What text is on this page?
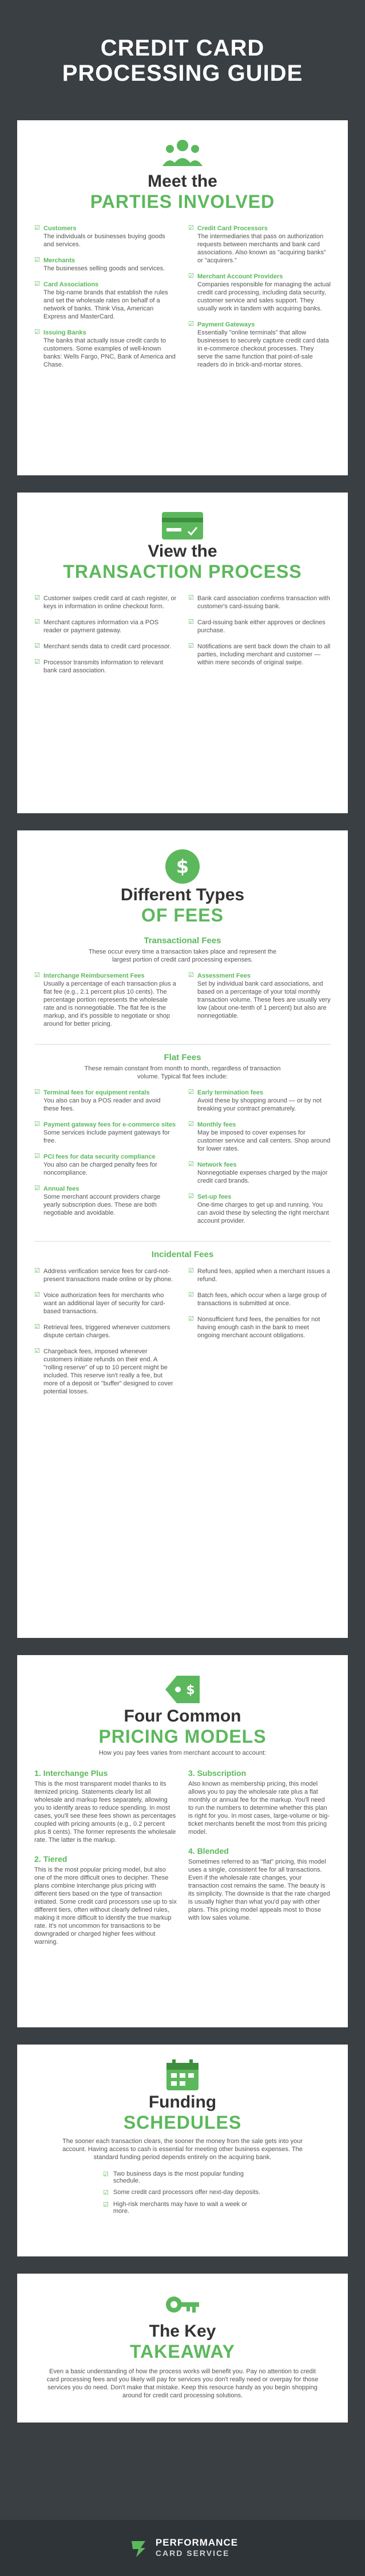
CREDIT CARD
PROCESSING GUIDE
Meet the
PARTIES INVOLVED
☑ Customers
The individuals or businesses buying goods and services.
☑ Merchants
The businesses selling goods and services.
☑ Card Associations
The big-name brands that establish the rules and set the wholesale rates on behalf of a network of banks. Think Visa, American Express and MasterCard.
☑ Issuing Banks
The banks that actually issue credit cards to customers. Some examples of well-known banks: Wells Fargo, PNC, Bank of America and Chase.
☑ Credit Card Processors
The intermediaries that pass on authorization requests between merchants and bank card associations. Also known as "acquiring banks" or "acquirers."
☑ Merchant Account Providers
Companies responsible for managing the actual credit card processing, including data security, customer service and sales support. They usually work in tandem with acquiring banks.
☑ Payment Gateways
Essentially "online terminals" that allow businesses to securely capture credit card data in e-commerce checkout processes. They serve the same function that point-of-sale readers do in brick-and-mortar stores.
View the
TRANSACTION PROCESS
☑ Customer swipes credit card at cash register, or keys in information in online checkout form.
☑ Merchant captures information via a POS reader or payment gateway.
☑ Merchant sends data to credit card processor.
☑ Processor transmits information to relevant bank card association.
☑ Bank card association confirms transaction with customer's card-issuing bank.
☑ Card-issuing bank either approves or declines purchase.
☑ Notifications are sent back down the chain to all parties, including merchant and customer — within mere seconds of original swipe.
$
Different Types
OF FEES
Transactional Fees
These occur every time a transaction takes place and represent the largest portion of credit card processing expenses.
☑ Interchange Reimbursement Fees
Usually a percentage of each transaction plus a flat fee (e.g., 2.1 percent plus 10 cents). The percentage portion represents the wholesale rate and is nonnegotiable. The flat fee is the markup, and it's possible to negotiate or shop around for better pricing.
☑ Assessment Fees
Set by individual bank card associations, and based on a percentage of your total monthly transaction volume. These fees are usually very low (about one-tenth of 1 percent) but also are nonnegotiable.
Flat Fees
These remain constant from month to month, regardless of transaction volume. Typical flat fees include:
☑ Terminal fees for equipment rentals
You also can buy a POS reader and avoid these fees.
☑ Payment gateway fees for e-commerce sites
Some services include payment gateways for free.
☑ PCI fees for data security compliance
You also can be charged penalty fees for noncompliance.
☑ Annual fees
Some merchant account providers charge yearly subscription dues. These are both negotiable and avoidable.
☑ Early termination fees
Avoid these by shopping around — or by not breaking your contract prematurely.
☑ Monthly fees
May be imposed to cover expenses for customer service and call centers. Shop around for lower rates.
☑ Network fees
Nonnegotiable expenses charged by the major credit card brands.
☑ Set-up fees
One-time charges to get up and running. You can avoid these by selecting the right merchant account provider.
Incidental Fees
☑ Address verification service fees for card-not-present transactions made online or by phone.
☑ Voice authorization fees for merchants who want an additional layer of security for card-based transactions.
☑ Retrieval fees, triggered whenever customers dispute certain charges.
☑ Chargeback fees, imposed whenever customers initiate refunds on their end. A "rolling reserve" of up to 10 percent might be included. This reserve isn't really a fee, but more of a deposit or "buffer" designed to cover potential losses.
☑ Refund fees, applied when a merchant issues a refund.
☑ Batch fees, which occur when a large group of transactions is submitted at once.
☑ Nonsufficient fund fees, the penalties for not having enough cash in the bank to meet ongoing merchant account obligations.
$
Four Common
PRICING MODELS
How you pay fees varies from merchant account to account:
1. Interchange Plus
This is the most transparent model thanks to its itemized pricing. Statements clearly list all wholesale and markup fees separately, allowing you to identify areas to reduce spending. In most cases, you'll see these fees shown as percentages coupled with pricing amounts (e.g., 0.2 percent plus 8 cents). The former represents the wholesale rate. The latter is the markup.
2. Tiered
This is the most popular pricing model, but also one of the more difficult ones to decipher. These plans combine interchange plus pricing with different tiers based on the type of transaction initiated. Some credit card processors use up to six different tiers, often without clearly defined rules, making it more difficult to identify the true markup rate. It's not uncommon for transactions to be downgraded or charged higher fees without warning.
3. Subscription
Also known as membership pricing, this model allows you to pay the wholesale rate plus a flat monthly or annual fee for the markup. You'll need to run the numbers to determine whether this plan is right for you. In most cases, large-volume or big-ticket merchants benefit the most from this pricing model.
4. Blended
Sometimes referred to as "flat" pricing, this model uses a single, consistent fee for all transactions. Even if the wholesale rate changes, your transaction cost remains the same. The beauty is its simplicity. The downside is that the rate charged is usually higher than what you'd pay with other plans. This pricing model appeals most to those with low sales volume.
Funding
SCHEDULES
The sooner each transaction clears, the sooner the money from the sale gets into your account. Having access to cash is essential for meeting other business expenses. The standard funding period depends entirely on the acquiring bank.
☑ Two business days is the most popular funding schedule.
☑ Some credit card processors offer next-day deposits.
☑ High-risk merchants may have to wait a week or more.
The Key
TAKEAWAY
Even a basic understanding of how the process works will benefit you. Pay no attention to credit card processing fees and you likely will pay for services you don't really need or overpay for those services you do need. Don't make that mistake. Keep this resource handy as you begin shopping around for credit card processing solutions.
PERFORMANCE
CARD SERVICE
